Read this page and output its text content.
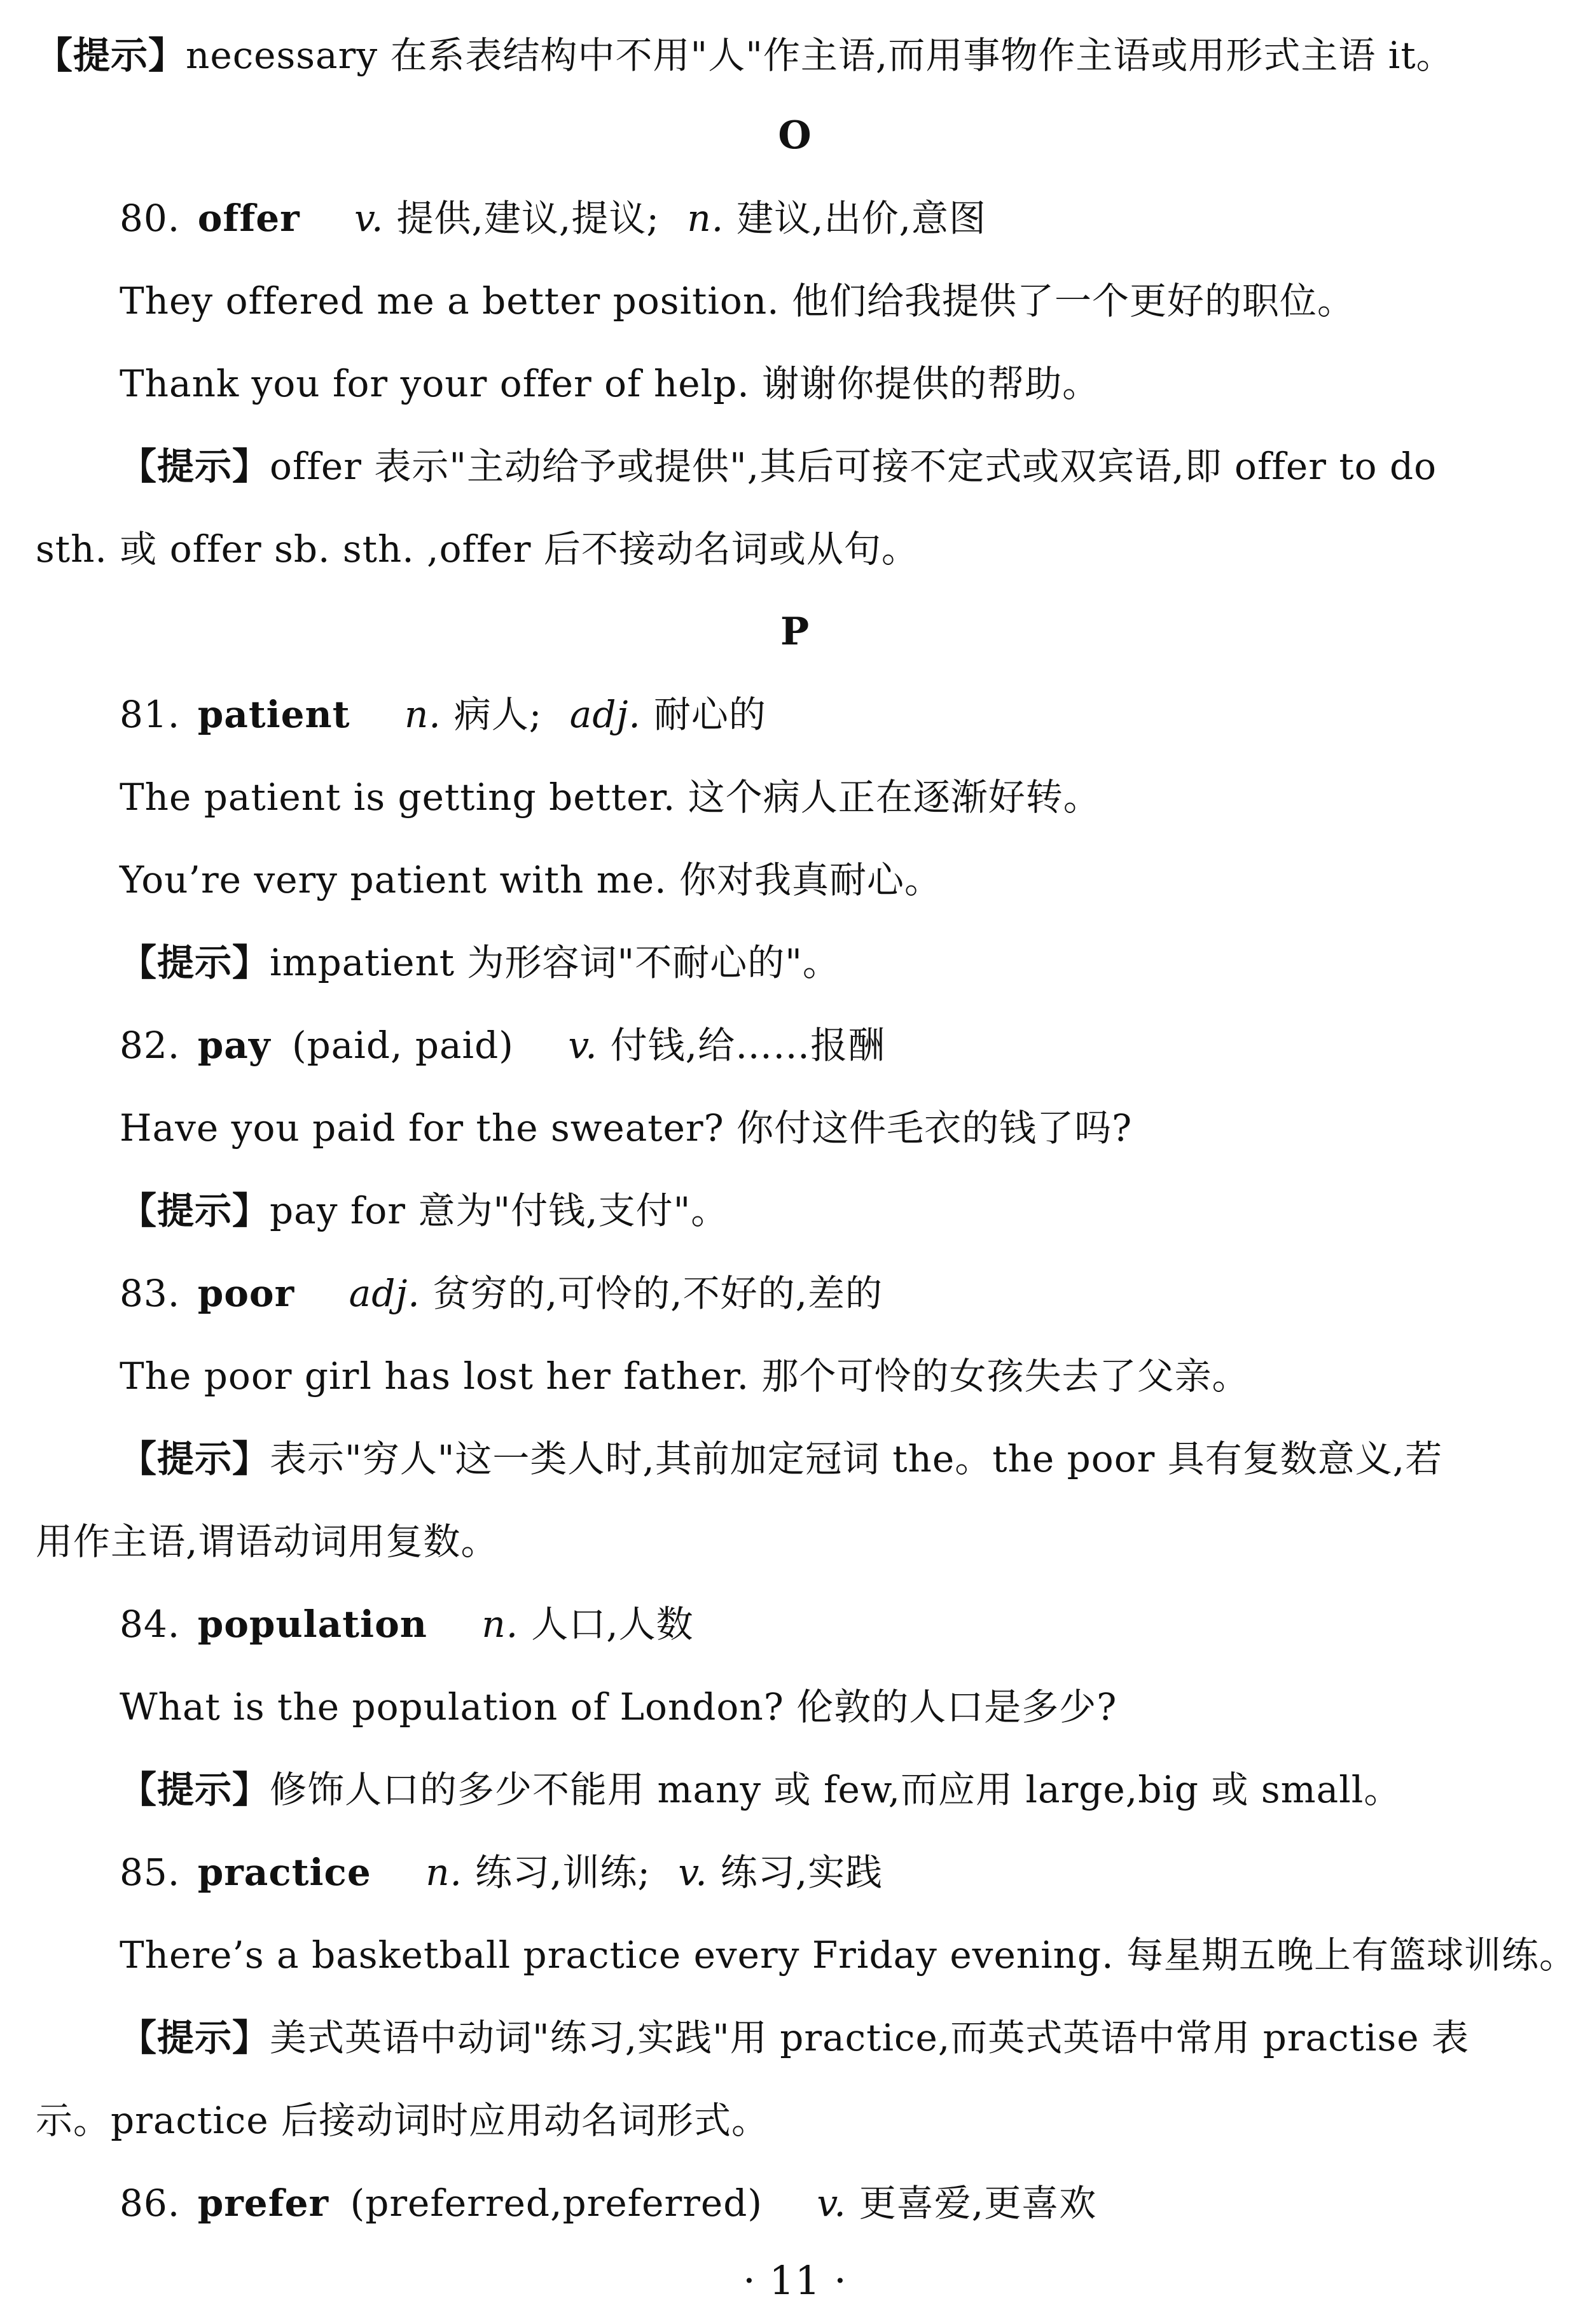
【提示】necessary 在系表结构中不用"人"作主语,而用事物作主语或用形式主语 it。
O
80. offer v. 提供,建议,提议; n. 建议,出价,意图
They offered me a better position. 他们给我提供了一个更好的职位。
Thank you for your offer of help. 谢谢你提供的帮助。
【提示】offer 表示"主动给予或提供",其后可接不定式或双宾语,即 offer to do
sth. 或 offer sb. sth. ,offer 后不接动名词或从句。
P
81. patient n. 病人; adj. 耐心的
The patient is getting better. 这个病人正在逐渐好转。
You’re very patient with me. 你对我真耐心。
【提示】impatient 为形容词"不耐心的"。
82. pay (paid, paid) v. 付钱,给……报酬
Have you paid for the sweater? 你付这件毛衣的钱了吗?
【提示】pay for 意为"付钱,支付"。
83. poor adj. 贫穷的,可怜的,不好的,差的
The poor girl has lost her father. 那个可怜的女孩失去了父亲。
【提示】表示"穷人"这一类人时,其前加定冠词 the。the poor 具有复数意义,若
用作主语,谓语动词用复数。
84. population n. 人口,人数
What is the population of London? 伦敦的人口是多少?
【提示】修饰人口的多少不能用 many 或 few,而应用 large,big 或 small。
85. practice n. 练习,训练; v. 练习,实践
There’s a basketball practice every Friday evening. 每星期五晚上有篮球训练。
【提示】美式英语中动词"练习,实践"用 practice,而英式英语中常用 practise 表
示。practice 后接动词时应用动名词形式。
86. prefer (preferred,preferred) v. 更喜爱,更喜欢
· 11 ·
